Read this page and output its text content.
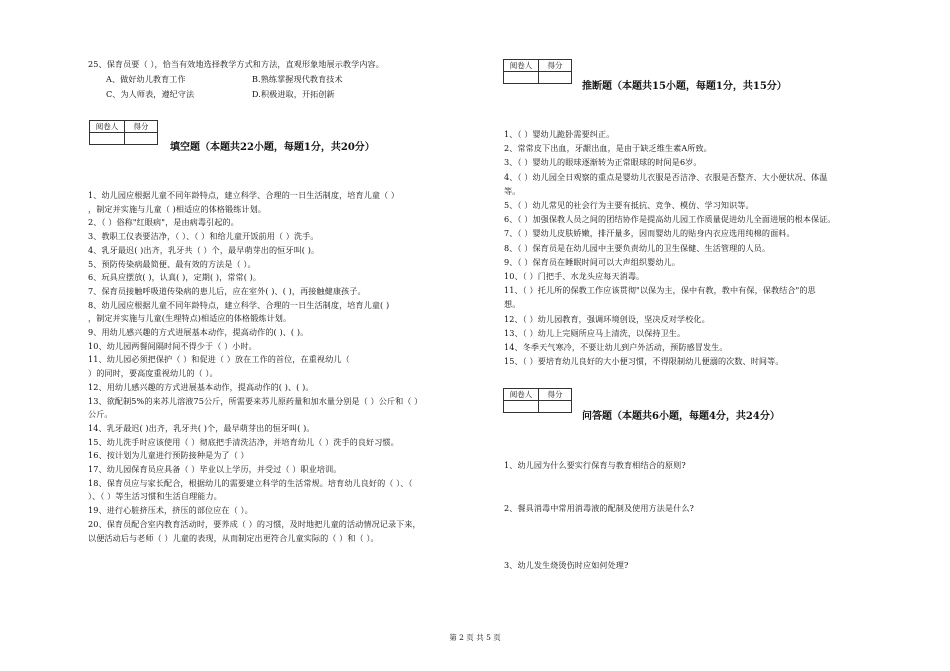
25、保育员要（ ），恰当有效地选择教学方式和方法，直观形象地展示教学内容。
A、做好幼儿教育工作	B.熟练掌握现代教育技术
C、为人师表，遵纪守法	D.积极进取，开拓创新
阅卷人	得分

填空题（本题共22小题，每题1分，共20分）
1、幼儿园应根据儿童不同年龄特点，建立科学、合理的一日生活制度，培育儿童（ ）
，制定并实施与儿童（ )相适应的体格锻练计划。
2、（ ）俗称"红眼病"，是由病毒引起的。
3、教职工仪表要洁净，（ ）、（ ）和给儿童开饭前用（ ）洗手。
4、乳牙最迟( )出齐，乳牙共（ ）个，最早萌芽出的恒牙叫( )。
5、预防传染病最简便、最有效的方法是（ ）。
6、玩具应摆放( )，认真( )，定期( )，常常( )。
7、保育员接触呼吸道传染病的患儿后，应在室外( )、( )，再接触健康孩子。
8、幼儿园应根据儿童不同年龄特点，建立科学、合理的一日生活制度，培育儿童( )
，制定并实施与儿童(生理特点)相适应的体格锻炼计划。
9、用幼儿感兴趣的方式进展基本动作，提高动作的( )、( )。
10、幼儿园两餐间隔时间不得少于（ ）小时。
11、幼儿园必须把保护（ ）和促进（ ）放在工作的首位，在重视幼儿（
）的同时，要高度重视幼儿的（ ）。
12、用幼儿感兴趣的方式进展基本动作，提高动作的( )、( )。
13、欲配制5%的来苏儿溶液75公斤，所需要来苏儿原药量和加水量分别是（ ）公斤和（ ）
公斤。
14、乳牙最迟( )出齐，乳牙共( )个，最早萌芽出的恒牙叫( )。
15、幼儿洗手时应该使用（ ）彻底把手清洗洁净，并培育幼儿（ ）洗手的良好习惯。
16、按计划为儿童进行预防接种是为了（ ）
17、幼儿园保育员应具备（ ）毕业以上学历，并受过（ ）职业培训。
18、保育员应与家长配合，根据幼儿的需要建立科学的生活常规。培育幼儿良好的（ ）、（
）、（ ）等生活习惯和生活自理能力。
19、进行心脏挤压术，挤压的部位应在（ ）。
20、保育员配合室内教育活动时，要养成（ ）的习惯，及时地把儿童的活动情况记录下来，
以便活动后与老师（ ）儿童的表现，从而制定出更符合儿童实际的（ ）和（ ）。
阅卷人	得分

推断题（本题共15小题，每题1分，共15分）
1、（ ）婴幼儿跪卧需要纠正。
2、常常皮下出血，牙龈出血，是由于缺乏维生素A所致。
3、（ ）婴幼儿的眼球逐渐转为正常眼球的时间是6岁。
4、（ ）幼儿园全日观察的重点是婴幼儿衣服是否洁净、衣服是否整齐、大小便状况、体温
等。
5、（ ）幼儿常见的社会行为主要有抵抗、竞争、模仿、学习知识等。
6、（ ）加强保教人员之间的团结协作是提高幼儿园工作质量促进幼儿全面进展的根本保证。
7、（ ）婴幼儿皮肤娇嫩，排汗量多，因而婴幼儿的贴身内衣应选用纯棉的面料。
8、（ ）保育员是在幼儿园中主要负责幼儿的卫生保健、生活管理的人员。
9、（ ）保育员在睡眠时间可以大声组织婴幼儿。
10、（ ）门把手、水龙头应每天消毒。
11、（ ）托儿所的保教工作应该贯彻"以保为主，保中有教，教中有保，保教结合"的思
想。
12、（ ）幼儿园教育，强调环境创设，坚决反对学校化。
13、（ ）幼儿上完厕所应马上清洗，以保持卫生。
14、冬季天气寒冷，不要让幼儿到户外活动，预防感冒发生。
15、（ ）要培育幼儿良好的大小便习惯，不得限制幼儿便溺的次数、时间等。
阅卷人	得分

问答题（本题共6小题，每题4分，共24分）
1、幼儿园为什么要实行保育与教育相结合的原则?
2、餐具消毒中常用消毒液的配制及使用方法是什么?
3、幼儿发生烧烫伤时应如何处理?
第 2 页 共 5 页
